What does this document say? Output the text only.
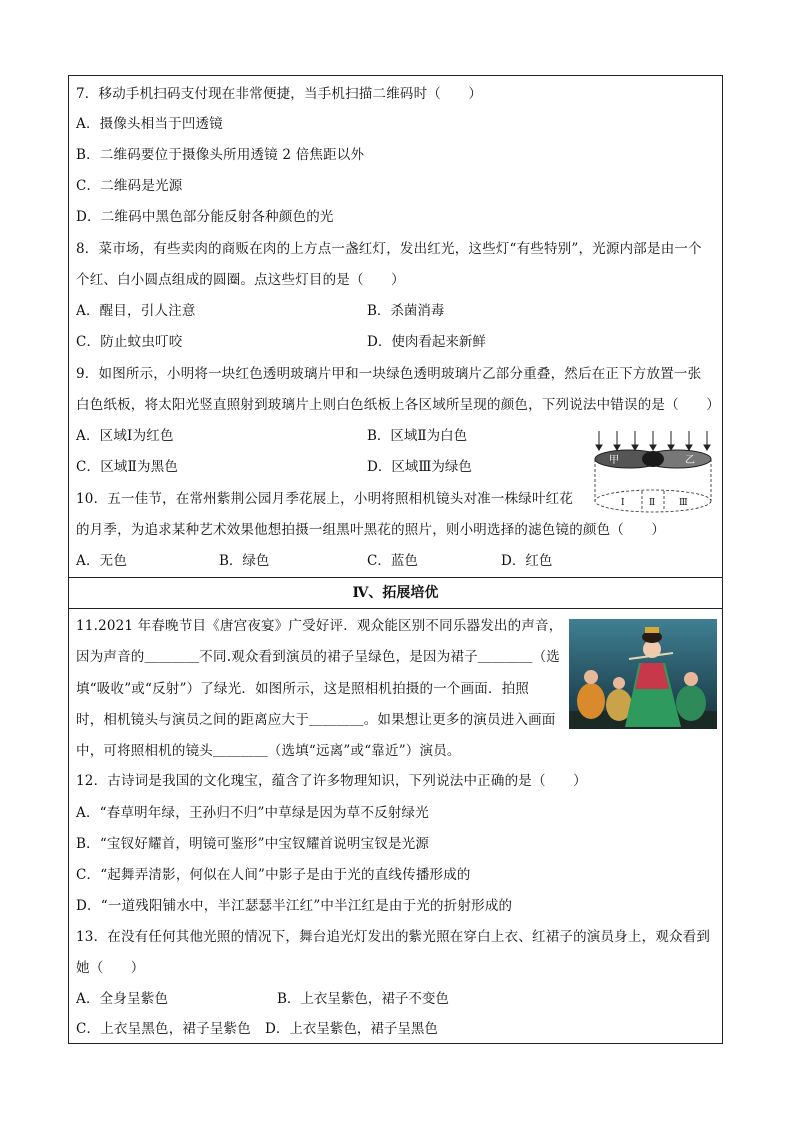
7．移动手机扫码支付现在非常便捷，当手机扫描二维码时（　　）
A．摄像头相当于凹透镜
B．二维码要位于摄像头所用透镜 2 倍焦距以外
C．二维码是光源
D．二维码中黑色部分能反射各种颜色的光
8．菜市场，有些卖肉的商贩在肉的上方点一盏红灯，发出红光，这些灯“有些特别”，光源内部是由一个
个红、白小圆点组成的圆圈。点这些灯目的是（　　）
A．醒目，引人注意	B．杀菌消毒
C．防止蚊虫叮咬	D．使肉看起来新鲜
9．如图所示，小明将一块红色透明玻璃片甲和一块绿色透明玻璃片乙部分重叠，然后在正下方放置一张
白色纸板，将太阳光竖直照射到玻璃片上则白色纸板上各区域所呈现的颜色，下列说法中错误的是（　　）
A．区域Ⅰ为红色	B．区域Ⅱ为白色
C．区域Ⅱ为黑色	D．区域Ⅲ为绿色	甲	乙
Ⅰ	Ⅱ	Ⅲ
10．五一佳节，在常州紫荆公园月季花展上，小明将照相机镜头对准一株绿叶红花
的月季，为追求某种艺术效果他想拍摄一组黑叶黑花的照片，则小明选择的滤色镜的颜色（　　）
A．无色	B．绿色	C．蓝色	D．红色
Ⅳ、拓展培优
11.2021 年春晚节目《唐宫夜宴》广受好评．观众能区别不同乐器发出的声音，
因为声音的＿＿＿＿不同.观众看到演员的裙子呈绿色，是因为裙子＿＿＿＿（选
填“吸收”或“反射”）了绿光．如图所示，这是照相机拍摄的一个画面．拍照
时，相机镜头与演员之间的距离应大于＿＿＿＿。如果想让更多的演员进入画面
中，可将照相机的镜头＿＿＿＿（选填“远离”或“靠近”）演员。
12．古诗词是我国的文化瑰宝，蕴含了许多物理知识，下列说法中正确的是（　　）
A．“春草明年绿，王孙归不归”中草绿是因为草不反射绿光
B．“宝钗好耀首，明镜可鉴形”中宝钗耀首说明宝钗是光源
C．“起舞弄清影，何似在人间”中影子是由于光的直线传播形成的
D．“一道残阳铺水中，半江瑟瑟半江红”中半江红是由于光的折射形成的
13．在没有任何其他光照的情况下，舞台追光灯发出的紫光照在穿白上衣、红裙子的演员身上，观众看到
她（　　）
A．全身呈紫色	B．上衣呈紫色，裙子不变色
C．上衣呈黑色，裙子呈紫色 D．上衣呈紫色，裙子呈黑色
